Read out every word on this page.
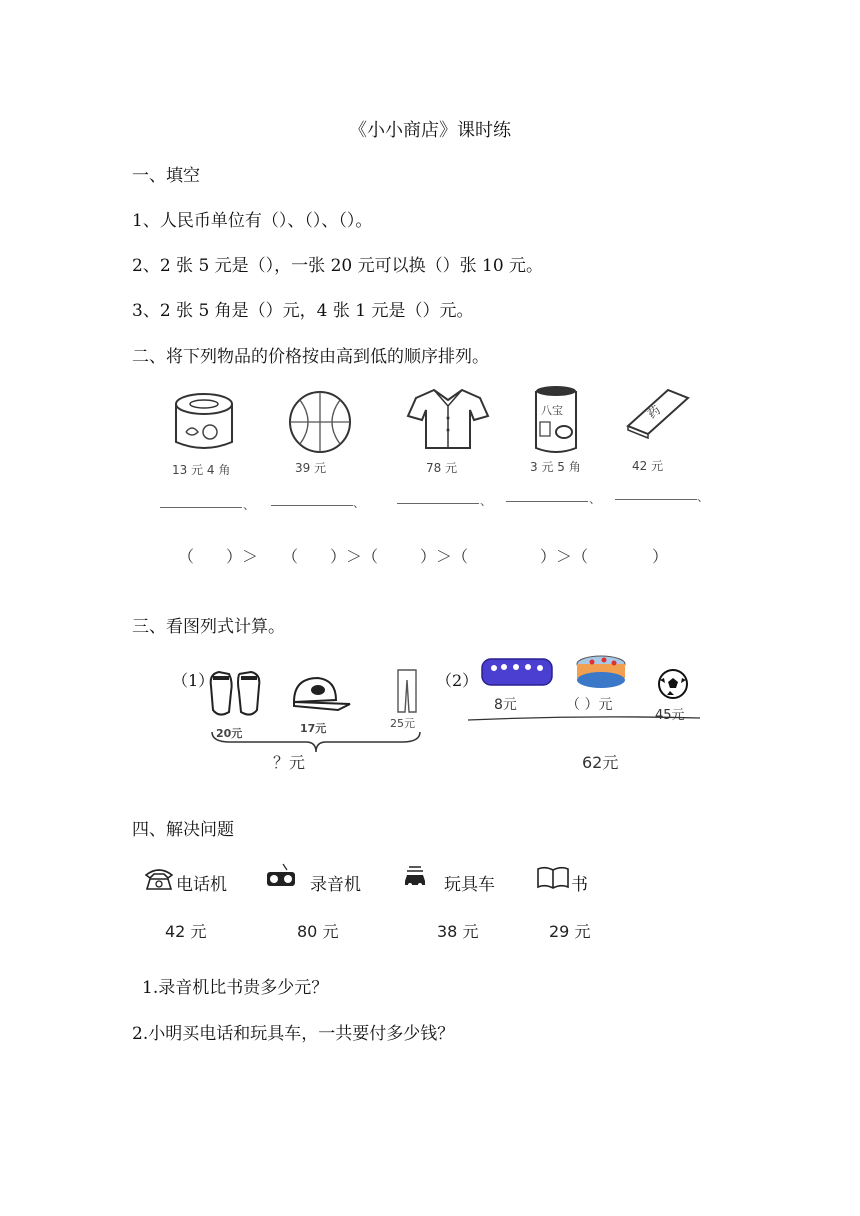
《小小商店》课时练
一、填空
1、人民币单位有（）、（）、（）。
2、2 张 5 元是（），一张 20 元可以换（）张 10 元。
3、2 张 5 角是（）元，4 张 1 元是（）元。
二、将下列物品的价格按由高到低的顺序排列。
八宝	药
13 元 4 角	39 元	78 元	3 元 5 角	42 元
、	、	、	、	、
（ ）＞ （ ）＞（	）＞（	）＞（	）
三、看图列式计算。
（1）
20元	17元	25元
？元
（2）
8元	（ ）元
45元
62元
四、解决问题
电话机	录音机	玩具车	书
42 元	80 元	38 元	29 元
1.录音机比书贵多少元？
2.小明买电话和玩具车，一共要付多少钱？
